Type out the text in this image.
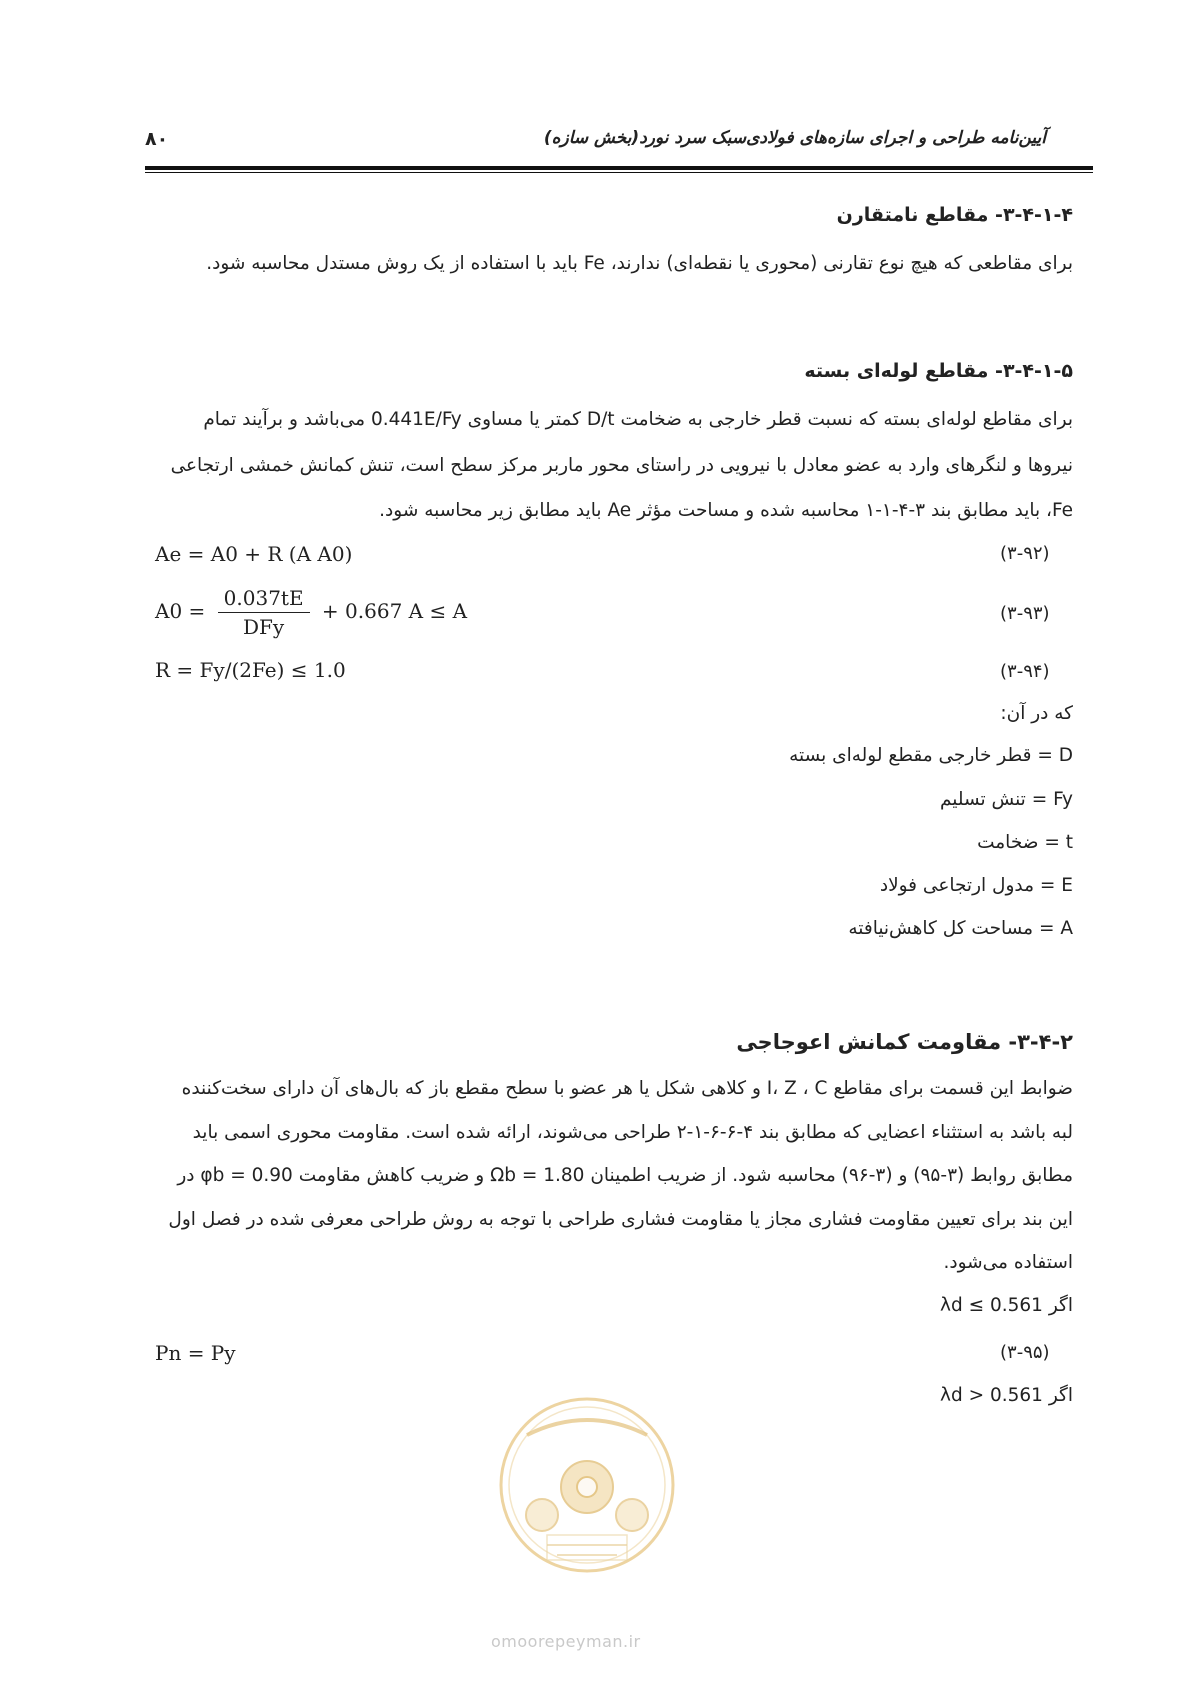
۸۰	آیین‌نامه طراحی و اجرای سازه‌های فولادی‌سبک سرد نورد(بخش سازه)
۳-۴-۱-۴- مقاطع نامتقارن
برای مقاطعی که هیچ نوع تقارنی (محوری یا نقطه‌ای) ندارند، Fe باید با استفاده از یک روش مستدل محاسبه شود.
۳-۴-۱-۵- مقاطع لوله‌ای بسته
برای مقاطع لوله‌ای بسته که نسبت قطر خارجی به ضخامت D/t کمتر یا مساوی 0.441E/Fy می‌باشد و برآیند تمام
نیروها و لنگرهای وارد به عضو معادل با نیرویی در راستای محور ماربر مرکز سطح است، تنش کمانش خمشی ارتجاعی
Fe، باید مطابق بند ۳-۴-۱-۱ محاسبه شده و مساحت مؤثر Ae باید مطابق زیر محاسبه شود.
Ae = A0 + R (A A0)	(۳-۹۲)
$A0 = \frac{0.037tE}{\text{DFy}} + 0.667$ A ≤ A	(۳-۹۳)
R = Fy/(2Fe) ≤ 1.0	(۳-۹۴)
که در آن:
D = قطر خارجی مقطع لوله‌ای بسته
Fy = تنش تسلیم
t = ضخامت
E = مدول ارتجاعی فولاد
A = مساحت کل کاهش‌نیافته
۳-۴-۲- مقاومت کمانش اعوجاجی
ضوابط این قسمت برای مقاطع I، Z ، C و کلاهی شکل یا هر عضو با سطح مقطع باز که بال‌های آن دارای سخت‌کننده
لبه باشد به استثناء اعضایی که مطابق بند ۴-۶-۶-۱-۲ طراحی می‌شوند، ارائه شده است. مقاومت محوری اسمی باید
مطابق روابط (۳-۹۵) و (۳-۹۶) محاسبه شود. از ضریب اطمینان Ωb = 1.80 و ضریب کاهش مقاومت φb = 0.90 در
این بند برای تعیین مقاومت فشاری مجاز یا مقاومت فشاری طراحی با توجه به روش طراحی معرفی شده در فصل اول
استفاده می‌شود.
اگر λd ≤ 0.561
Pn = Py	(۳-۹۵)
اگر λd > 0.561
omoorepeyman.ir
